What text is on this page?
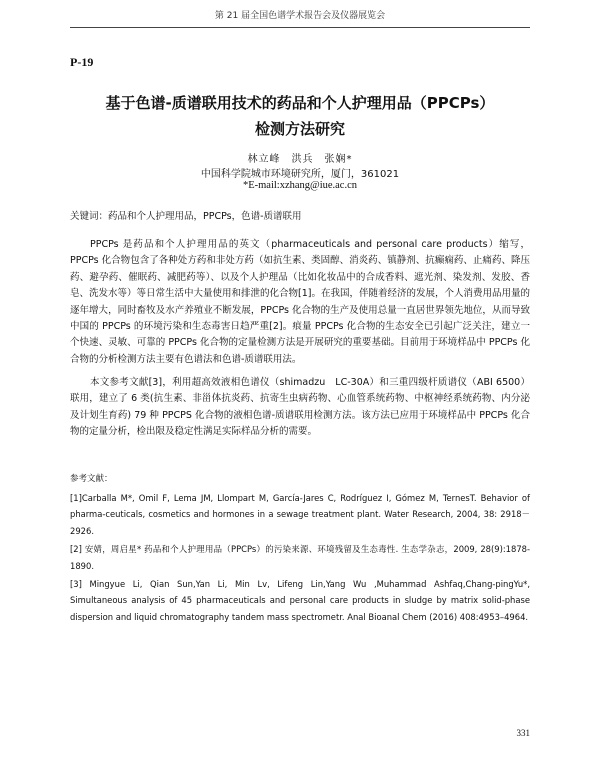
第 21 届全国色谱学术报告会及仪器展览会
P-19
基于色谱-质谱联用技术的药品和个人护理用品（PPCPs）
检测方法研究
林立峰　洪兵　张娴*
中国科学院城市环境研究所，厦门，361021
*E-mail:xzhang@iue.ac.cn
关键词：药品和个人护理用品，PPCPs，色谱-质谱联用

PPCPs 是药品和个人护理用品的英文（pharmaceuticals and personal care products）缩写，PPCPs 化合物包含了各种处方药和非处方药（如抗生素、类固醇、消炎药、镇静剂、抗癫痫药、止痛药、降压药、避孕药、催眠药、减肥药等）、以及个人护理品（比如化妆品中的合成香料、遮光剂、染发剂、发胶、香皂、洗发水等）等日常生活中大量使用和排泄的化合物[1]。在我国，伴随着经济的发展，个人消费用品用量的逐年增大，同时畜牧及水产养殖业不断发展，PPCPs 化合物的生产及使用总量一直居世界领先地位，从而导致中国的 PPCPs 的环境污染和生态毒害日趋严重[2]。痕量 PPCPs 化合物的生态安全已引起广泛关注，建立一个快速、灵敏、可靠的 PPCPs 化合物的定量检测方法是开展研究的重要基础。目前用于环境样品中 PPCPs 化合物的分析检测方法主要有色谱法和色谱-质谱联用法。

本文参考文献[3]，利用超高效液相色谱仪（shimadzu　LC-30A）和三重四级杆质谱仪（ABI 6500）联用，建立了 6 类(抗生素、非甾体抗炎药、抗寄生虫病药物、心血管系统药物、中枢神经系统药物、内分泌及计划生育药) 79 种 PPCPS 化合物的液相色谱-质谱联用检测方法。该方法已应用于环境样品中 PPCPs 化合物的定量分析，检出限及稳定性满足实际样品分析的需要。

参考文献：
[1]Carballa M*, Omil F, Lema JM, Llompart M, García-Jares C, Rodríguez I, Gómez M, TernesT. Behavior of pharma-ceuticals, cosmetics and hormones in a sewage treatment plant. Water Research, 2004, 38: 2918－2926.
[2] 安婧，周启星* 药品和个人护理用品（PPCPs）的污染来源、环境残留及生态毒性. 生态学杂志，2009, 28(9):1878-1890.
[3] Mingyue Li, Qian Sun,Yan Li, Min Lv, Lifeng Lin,Yang Wu ,Muhammad Ashfaq,Chang-pingYu*, Simultaneous analysis of 45 pharmaceuticals and personal care products in sludge by matrix solid-phase dispersion and liquid chromatography tandem mass spectrometr. Anal Bioanal Chem (2016) 408:4953–4964.
331
